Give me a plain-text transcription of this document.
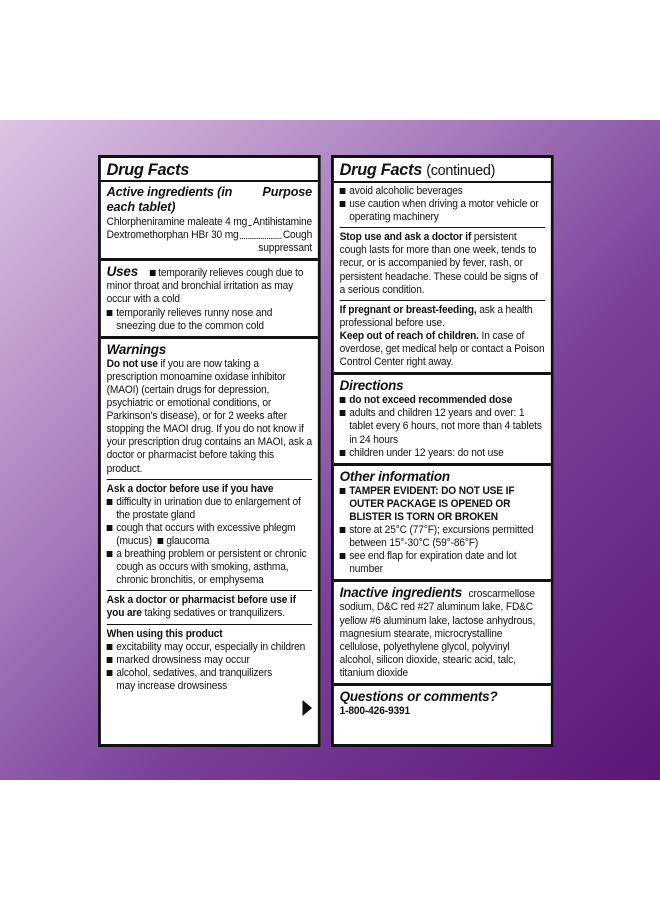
Drug Facts
Active ingredients (in each tablet)
Purpose
Chlorpheniramine maleate 4 mg Antihistamine
Dextromethorphan HBr 30 mg	Cough
suppressant
Uses temporarily relieves cough due to minor throat and bronchial irritation as may occur with a cold
temporarily relieves runny nose and sneezing due to the common cold
Warnings
Do not use if you are now taking a prescription monoamine oxidase inhibitor (MAOI) (certain drugs for depression, psychiatric or emotional conditions, or Parkinson's disease), or for 2 weeks after stopping the MAOI drug. If you do not know if your prescription drug contains an MAOI, ask a doctor or pharmacist before taking this product.
Ask a doctor before use if you have
difficulty in urination due to enlargement of the prostate gland
cough that occurs with excessive phlegm (mucus) glaucoma
a breathing problem or persistent or chronic cough as occurs with smoking, asthma, chronic bronchitis, or emphysema
Ask a doctor or pharmacist before use if you are taking sedatives or tranquilizers.
When using this product
excitability may occur, especially in children
marked drowsiness may occur
alcohol, sedatives, and tranquilizers may increase drowsiness
Drug Facts (continued)
avoid alcoholic beverages
use caution when driving a motor vehicle or operating machinery
Stop use and ask a doctor if persistent cough lasts for more than one week, tends to recur, or is accompanied by fever, rash, or persistent headache. These could be signs of a serious condition.
If pregnant or breast-feeding, ask a health professional before use.
Keep out of reach of children. In case of overdose, get medical help or contact a Poison Control Center right away.
Directions
do not exceed recommended dose
adults and children 12 years and over: 1 tablet every 6 hours, not more than 4 tablets in 24 hours
children under 12 years: do not use
Other information
TAMPER EVIDENT: DO NOT USE IF OUTER PACKAGE IS OPENED OR BLISTER IS TORN OR BROKEN
store at 25°C (77°F); excursions permitted between 15°-30°C (59°-86°F)
see end flap for expiration date and lot number
Inactive ingredients croscarmellose sodium, D&C red #27 aluminum lake, FD&C yellow #6 aluminum lake, lactose anhydrous, magnesium stearate, microcrystalline cellulose, polyethylene glycol, polyvinyl alcohol, silicon dioxide, stearic acid, talc, titanium dioxide
Questions or comments?
1-800-426-9391
